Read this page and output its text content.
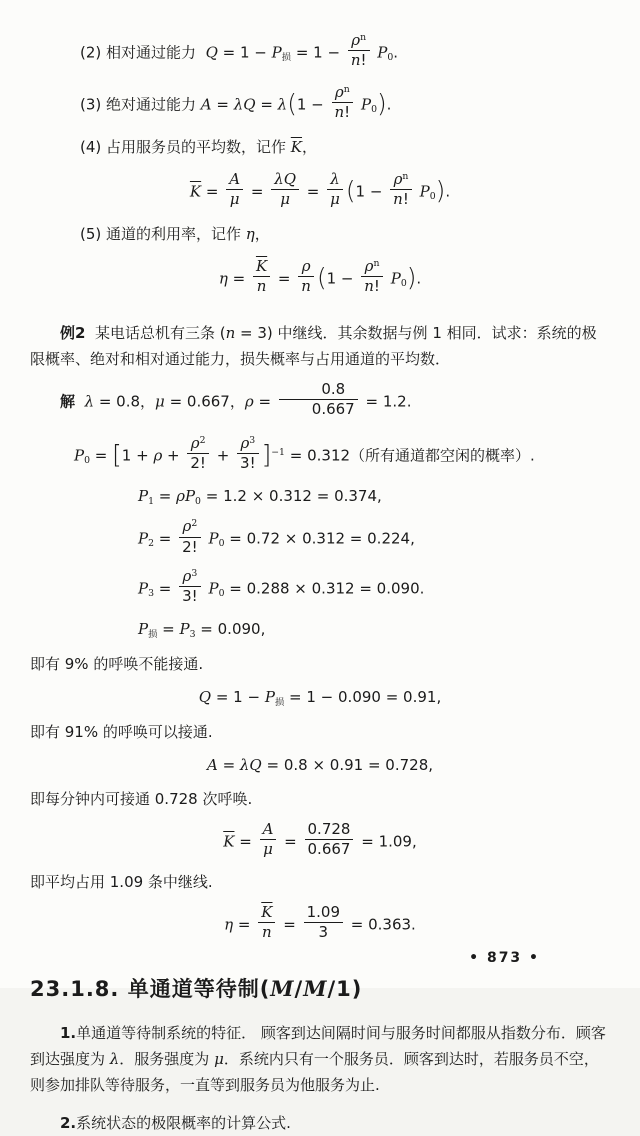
(2) 相对通过能力  Q = 1 − P损 = $1 - \frac{\rho^n}{n!} P0$.
(3) 绝对通过能力 $A = \lambda Q = \lambda(1 - \frac{\rho^n}{n!} P0)$.
(4) 占用服务员的平均数，记作 $\overline{K}$，
$\overline{K} = \frac{A}{\mu} = \frac{\lambda Q}{\mu} = \frac{\lambda}{\mu} (1 - \frac{\rho^n}{n!} P0)$.
(5) 通道的利用率，记作 η，
$\eta = \frac{\overline{K}}{n} = \frac{\rho}{n} (1 - \frac{\rho^n}{n!} P0)$.
例2  某电话总机有三条 (n = 3) 中继线．其余数据与例 1 相同．试求：系统的极限概率、绝对和相对通过能力，损失概率与占用通道的平均数．
解 λ = 0.8，μ = 0.667，$\rho = \frac{0.8}{0.667} = 1.2$.
$P0 = [1 + \rho + \frac{\rho^2}{2!} + \frac{\rho^3}{3!} ]^{-1} = 0.312$（所有通道都空闲的概率）.
P1 = ρP0 = 1.2 × 0.312 = 0.374,
$P2 = \frac{\rho^2}{2!} P0 = 0.72 \times 0.312 = 0.224$,
$P3 = \frac{\rho^3}{3!} P0 = 0.288 \times 0.312 = 0.090$.
P损 = P3 = 0.090,
即有 9% 的呼唤不能接通.
Q = 1 − P损 = 1 − 0.090 = 0.91,
即有 91% 的呼唤可以接通.
A = λQ = 0.8 × 0.91 = 0.728,
即每分钟内可接通 0.728 次呼唤.
$\overline{K} = \frac{A}{\mu} = \frac{0.728}{0.667} = 1.09$,
即平均占用 1.09 条中继线.
$\eta = \frac{\overline{K}}{n} = \frac{1.09}{3} = 0.363$.
23.1.8. 单通道等待制(M/M/1)
1.单通道等待制系统的特征． 顾客到达间隔时间与服务时间都服从指数分布．顾客到达强度为 λ．服务强度为 μ．系统内只有一个服务员．顾客到达时，若服务员不空，则参加排队等待服务，一直等到服务员为他服务为止.
2.系统状态的极限概率的计算公式.
• 873 •
